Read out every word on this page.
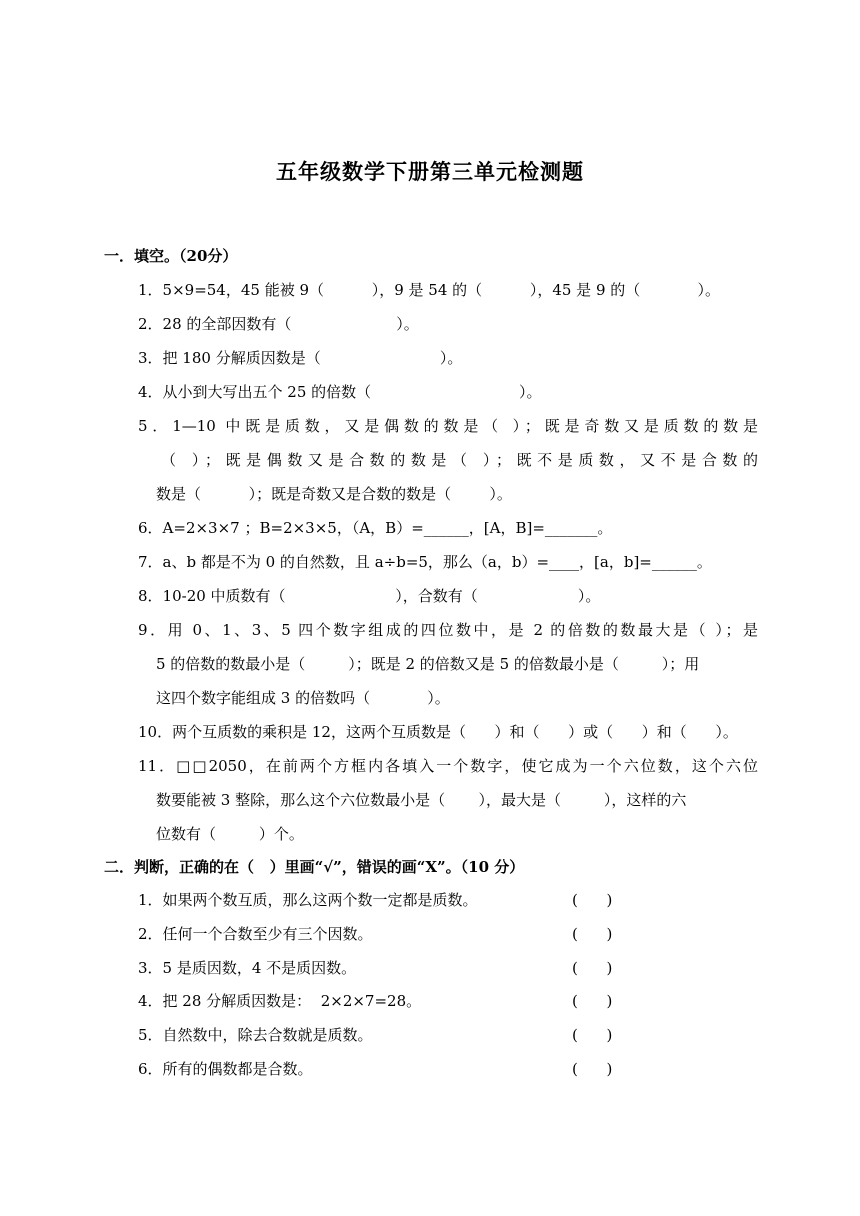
五年级数学下册第三单元检测题
一．填空。（20分）
1．5×9=54，45 能被 9（          ），9 是 54 的（          ），45 是 9 的（            ）。
2．28 的全部因数有（                      ）。
3．把 180 分解质因数是（                         ）。
4．从小到大写出五个 25 的倍数（                               ）。
5．1—10 中既是质数，又是偶数的数是（ ）；既是奇数又是质数的数是
（ ）；既是偶数又是合数的数是（ ）；既不是质数，又不是合数的
数是（          ）；既是奇数又是合数的数是（        ）。
6．A=2×3×7 ；B=2×3×5，（A，B）=______，[A，B]=_______。
7．a、b 都是不为 0 的自然数，且 a÷b=5，那么（a，b）=____，[a，b]=______。
8．10-20 中质数有（                       ），合数有（                     ）。
9．用 0、1、3、5 四个数字组成的四位数中，是 2 的倍数的数最大是（ ）；是
5 的倍数的数最小是（         ）；既是 2 的倍数又是 5 的倍数最小是（         ）；用
这四个数字能组成 3 的倍数吗（            ）。
10．两个互质数的乘积是 12，这两个互质数是（      ）和（      ）或（      ）和（      ）。
11．□□2050，在前两个方框内各填入一个数字，使它成为一个六位数，这个六位
数要能被 3 整除，那么这个六位数最小是（       ），最大是（         ），这样的六
位数有（         ）个。
二．判断，正确的在（   ）里画“√”，错误的画“X”。（10 分）
1．如果两个数互质，那么这两个数一定都是质数。	(      )
2．任何一个合数至少有三个因数。	(      )
3．5 是质因数，4 不是质因数。	(      )
4．把 28 分解质因数是：  2×2×7=28。	(      )
5．自然数中，除去合数就是质数。	(      )
6．所有的偶数都是合数。	(      )
